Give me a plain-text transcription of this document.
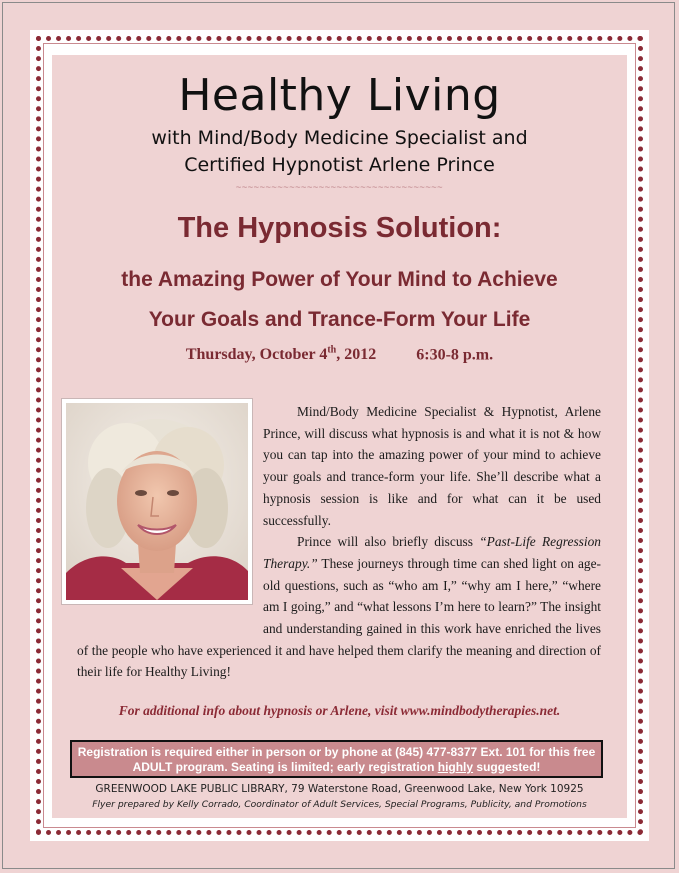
Healthy Living
with Mind/Body Medicine Specialist and
Certified Hypnotist Arlene Prince
~~~~~~~~~~~~~~~~~~~~~~~~~~~~~~~~~~~
The Hypnosis Solution:
the Amazing Power of Your Mind to Achieve
Your Goals and Trance-Form Your Life
Thursday, October 4th, 2012	6:30-8 p.m.

Mind/Body Medicine Specialist & Hypnotist, Arlene Prince, will discuss what hypnosis is and what it is not & how you can tap into the amazing power of your mind to achieve your goals and trance-form your life. She’ll describe what a hypnosis session is like and for what can it be used successfully.

Prince will also briefly discuss “Past-Life Regression Therapy.” These journeys through time can shed light on age-old questions, such as “who am I,” “why am I here,” “where am I going,” and “what lessons I’m here to learn?” The insight and understanding gained in this work have enriched the lives of the people who have experienced it and have helped them clarify the meaning and direction of their life for Healthy Living!

For additional info about hypnosis or Arlene, visit www.mindbodytherapies.net.
Registration is required either in person or by phone at (845) 477-8377 Ext. 101 for this free
ADULT program. Seating is limited; early registration highly suggested!
GREENWOOD LAKE PUBLIC LIBRARY, 79 Waterstone Road, Greenwood Lake, New York 10925
Flyer prepared by Kelly Corrado, Coordinator of Adult Services, Special Programs, Publicity, and Promotions
